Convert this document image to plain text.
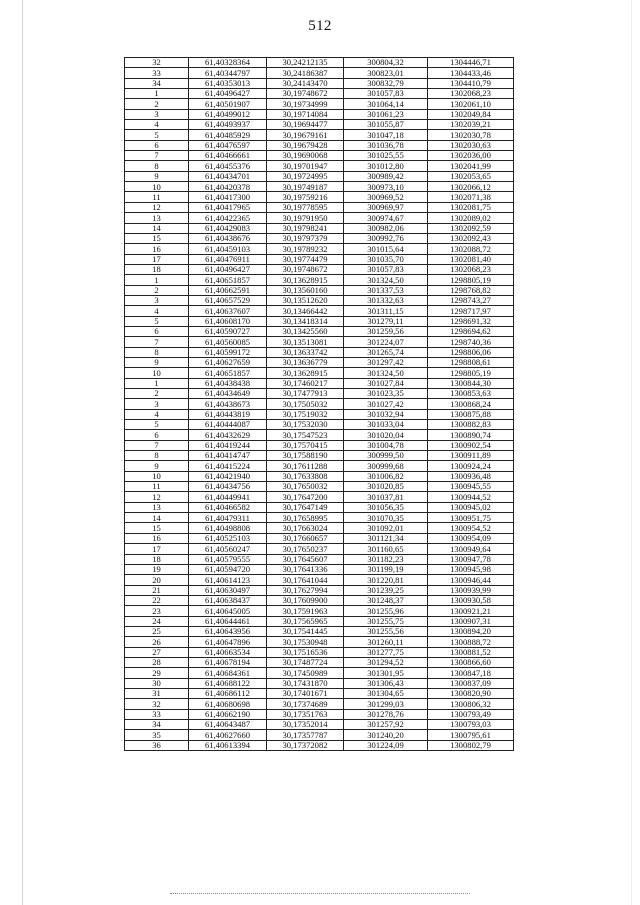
512
32	61,40328364	30,24212135	300804,32	1304446,71
33	61,40344797	30,24186387	300823,01	1304433,46
34	61,40353013	30,24143470	300832,79	1304410,79
1	61,40496427	30,19748672	301057,83	1302068,23
2	61,40501907	30,19734999	301064,14	1302061,10
3	61,40499012	30,19714084	301061,23	1302049,84
4	61,40493937	30,19694477	301055,87	1302039,21
5	61,40485929	30,19679161	301047,18	1302030,78
6	61,40476597	30,19679428	301036,78	1302030,63
7	61,40466661	30,19690068	301025,55	1302036,00
8	61,40455376	30,19701947	301012,80	1302041,99
9	61,40434701	30,19724995	300989,42	1302053,65
10	61,40420378	30,19749187	300973,10	1302066,12
11	61,40417300	30,19759216	300969,52	1302071,38
12	61,40417965	30,19778595	300969,97	1302081,75
13	61,40422365	30,19791950	300974,67	1302089,02
14	61,40429083	30,19798241	300982,06	1302092,59
15	61,40438676	30,19797379	300992,76	1302092,43
16	61,40459103	30,19789232	301015,64	1302088,72
17	61,40476911	30,19774479	301035,70	1302081,40
18	61,40496427	30,19748672	301057,83	1302068,23
1	61,40651857	30,13628915	301324,50	1298805,19
2	61,40662591	30,13560160	301337,53	1298768,82
3	61,40657529	30,13512620	301332,63	1298743,27
4	61,40637607	30,13466442	301311,15	1298717,97
5	61,40608170	30,13418314	301279,11	1298691,32
6	61,40590727	30,13425560	301259,56	1298694,62
7	61,40560085	30,13513081	301224,07	1298740,36
8	61,40599172	30,13633742	301265,74	1298806,06
9	61,40627659	30,13636779	301297,42	1298808,61
10	61,40651857	30,13628915	301324,50	1298805,19
1	61,40438438	30,17460217	301027,84	1300844,30
2	61,40434649	30,17477913	301023,35	1300853,63
3	61,40438673	30,17505032	301027,42	1300868,24
4	61,40443819	30,17519032	301032,94	1300875,88
5	61,40444087	30,17532030	301033,04	1300882,83
6	61,40432629	30,17547523	301020,04	1300890,74
7	61,40419244	30,17570415	301004,78	1300902,54
8	61,40414747	30,17588190	300999,50	1300911,89
9	61,40415224	30,17611288	300999,68	1300924,24
10	61,40421940	30,17633808	301006,82	1300936,48
11	61,40434756	30,17650032	301020,85	1300945,55
12	61,40449941	30,17647200	301037,81	1300944,52
13	61,40466582	30,17647149	301056,35	1300945,02
14	61,40479311	30,17658995	301070,35	1300951,75
15	61,40498808	30,17663024	301092,01	1300954,52
16	61,40525103	30,17660657	301121,34	1300954,09
17	61,40560247	30,17650237	301160,65	1300949,64
18	61,40579555	30,17645607	301182,23	1300947,78
19	61,40594720	30,17641336	301199,19	1300945,98
20	61,40614123	30,17641044	301220,81	1300946,44
21	61,40630497	30,17627994	301239,25	1300939,99
22	61,40638437	30,17609900	301248,37	1300930,58
23	61,40645005	30,17591963	301255,96	1300921,21
24	61,40644461	30,17565965	301255,75	1300907,31
25	61,40643956	30,17541445	301255,56	1300894,20
26	61,40647896	30,17530948	301260,11	1300888,72
27	61,40663534	30,17516536	301277,75	1300881,52
28	61,40678194	30,17487724	301294,52	1300866,60
29	61,40684361	30,17450989	301301,95	1300847,18
30	61,40688122	30,17431870	301306,43	1300837,09
31	61,40686112	30,17401671	301304,65	1300820,90
32	61,40680698	30,17374689	301299,03	1300806,32
33	61,40662190	30,17351763	301278,76	1300793,49
34	61,40643487	30,17352014	301257,92	1300793,03
35	61,40627660	30,17357787	301240,20	1300795,61
36	61,40613394	30,17372082	301224,09	1300802,79
